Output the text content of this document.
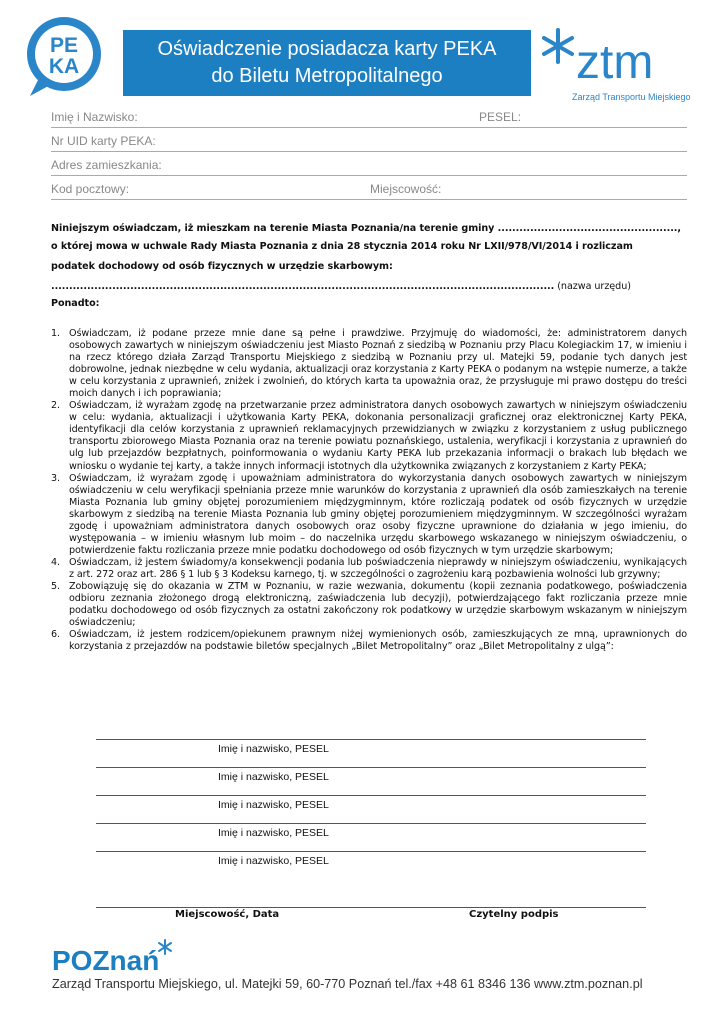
PE
KA
Oświadczenie posiadacza karty PEKA
do Biletu Metropolitalnego	ztm
Zarząd Transportu Miejskiego
Imię i Nazwisko:	PESEL:
Nr UID karty PEKA:
Adres zamieszkania:
Kod pocztowy:	Miejscowość:
Niniejszym oświadczam, iż mieszkam na terenie Miasta Poznania/na terenie gminy ..................................................,
o której mowa w uchwale Rady Miasta Poznania z dnia 28 stycznia 2014 roku Nr LXII/978/VI/2014 i rozliczam
podatek dochodowy od osób fizycznych w urzędzie skarbowym:
............................................................................................................................................ (nazwa urzędu)
Ponadto:
1. Oświadczam, iż podane przeze mnie dane są pełne i prawdziwe. Przyjmuję do wiadomości, że: administratorem danych osobowych zawartych w niniejszym oświadczeniu jest Miasto Poznań z siedzibą w Poznaniu przy Placu Kolegiackim 17, w imieniu i na rzecz którego działa Zarząd Transportu Miejskiego z siedzibą w Poznaniu przy ul. Matejki 59, podanie tych danych jest dobrowolne, jednak niezbędne w celu wydania, aktualizacji oraz korzystania z Karty PEKA o podanym na wstępie numerze, a także w celu korzystania z uprawnień, zniżek i zwolnień, do których karta ta upoważnia oraz, że przysługuje mi prawo dostępu do treści moich danych i ich poprawiania;
2. Oświadczam, iż wyrażam zgodę na przetwarzanie przez administratora danych osobowych zawartych w niniejszym oświadczeniu w celu: wydania, aktualizacji i użytkowania Karty PEKA, dokonania personalizacji graficznej oraz elektronicznej Karty PEKA, identyfikacji dla celów korzystania z uprawnień reklamacyjnych przewidzianych w związku z korzystaniem z usług publicznego transportu zbiorowego Miasta Poznania oraz na terenie powiatu poznańskiego, ustalenia, weryfikacji i korzystania z uprawnień do ulg lub przejazdów bezpłatnych, poinformowania o wydaniu Karty PEKA lub przekazania informacji o brakach lub błędach we wniosku o wydanie tej karty, a także innych informacji istotnych dla użytkownika związanych z korzystaniem z Karty PEKA;
3. Oświadczam, iż wyrażam zgodę i upoważniam administratora do wykorzystania danych osobowych zawartych w niniejszym oświadczeniu w celu weryfikacji spełniania przeze mnie warunków do korzystania z uprawnień dla osób zamieszkałych na terenie Miasta Poznania lub gminy objętej porozumieniem międzygminnym, które rozliczają podatek od osób fizycznych w urzędzie skarbowym z siedzibą na terenie Miasta Poznania lub gminy objętej porozumieniem międzygminnym. W szczególności wyrażam zgodę i upoważniam administratora danych osobowych oraz osoby fizyczne uprawnione do działania w jego imieniu, do występowania – w imieniu własnym lub moim – do naczelnika urzędu skarbowego wskazanego w niniejszym oświadczeniu, o potwierdzenie faktu rozliczania przeze mnie podatku dochodowego od osób fizycznych w tym urzędzie skarbowym;
4. Oświadczam, iż jestem świadomy/a konsekwencji podania lub poświadczenia nieprawdy w niniejszym oświadczeniu, wynikających z art. 272 oraz art. 286 § 1 lub § 3 Kodeksu karnego, tj. w szczególności o zagrożeniu karą pozbawienia wolności lub grzywny;
5. Zobowiązuję się do okazania w ZTM w Poznaniu, w razie wezwania, dokumentu (kopii zeznania podatkowego, poświadczenia odbioru zeznania złożonego drogą elektroniczną, zaświadczenia lub decyzji), potwierdzającego fakt rozliczania przeze mnie podatku dochodowego od osób fizycznych za ostatni zakończony rok podatkowy w urzędzie skarbowym wskazanym w niniejszym oświadczeniu;
6. Oświadczam, iż jestem rodzicem/opiekunem prawnym niżej wymienionych osób, zamieszkujących ze mną, uprawnionych do korzystania z przejazdów na podstawie biletów specjalnych „Bilet Metropolitalny” oraz „Bilet Metropolitalny z ulgą”:
Imię i nazwisko, PESEL
Imię i nazwisko, PESEL
Imię i nazwisko, PESEL
Imię i nazwisko, PESEL
Imię i nazwisko, PESEL
Miejscowość, Data	Czytelny podpis
POZnań
Zarząd Transportu Miejskiego, ul. Matejki 59, 60-770 Poznań tel./fax +48 61 8346 136 www.ztm.poznan.pl
